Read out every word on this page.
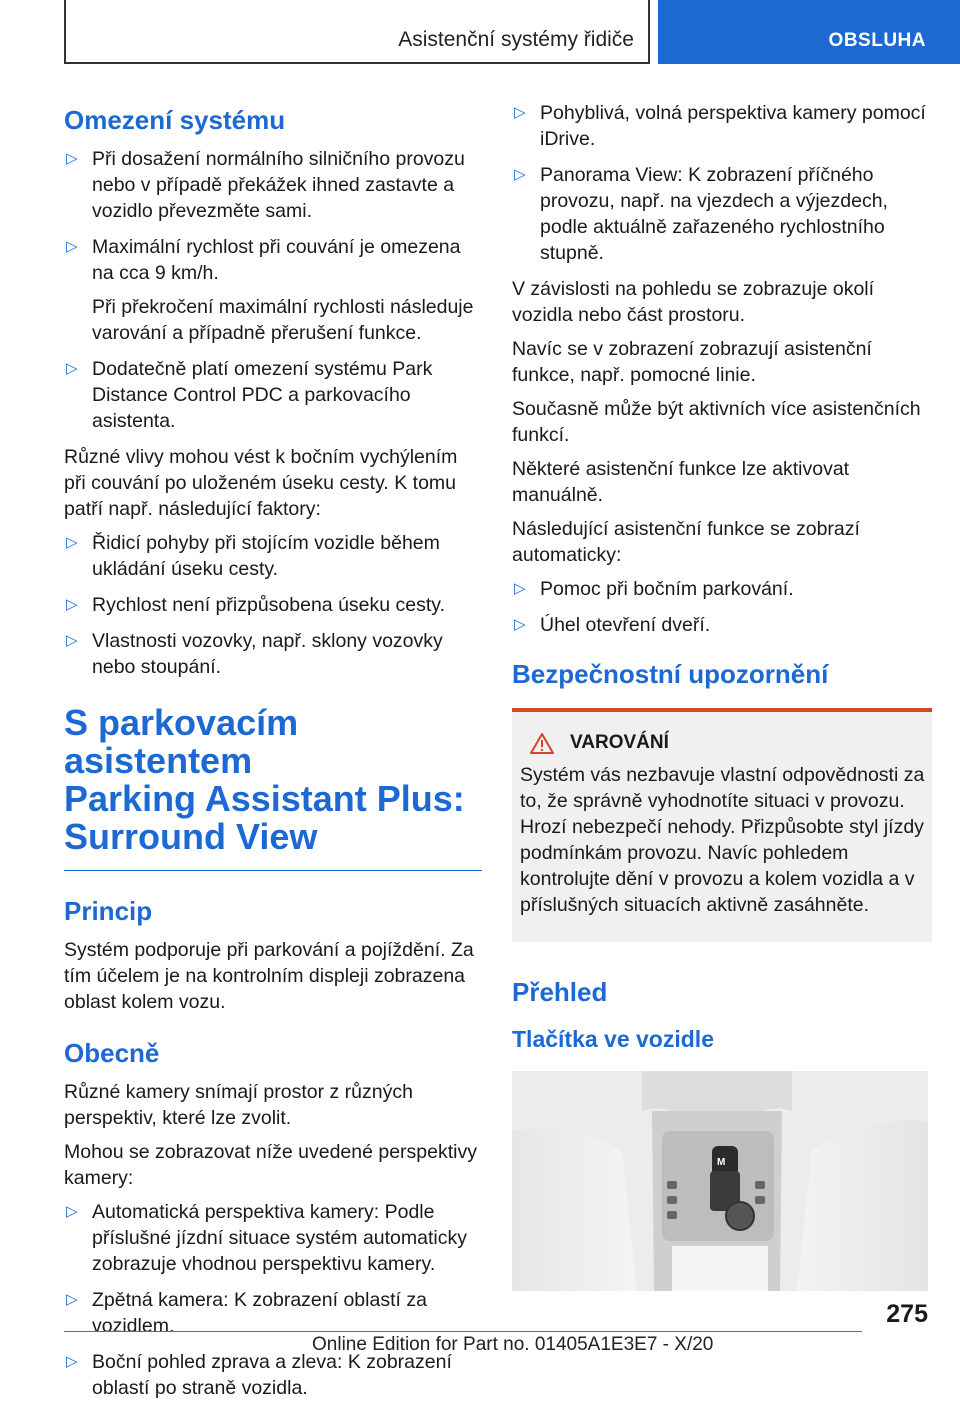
Asistenční systémy řidiče	OBSLUHA
Omezení systému
▷ Při dosažení normálního silničního provozu nebo v případě překážek ihned zastavte a vozidlo převezměte sami.
▷ Maximální rychlost při couvání je omezena na cca 9 km/h.
Při překročení maximální rychlosti následuje varování a případně přerušení funkce.
▷ Dodatečně platí omezení systému Park Distance Control PDC a parkovacího asistenta.

Různé vlivy mohou vést k bočním vychýlením při couvání po uloženém úseku cesty. K tomu patří např. následující faktory:

▷ Řidicí pohyby při stojícím vozidle během ukládání úseku cesty.
▷ Rychlost není přizpůsobena úseku cesty.
▷ Vlastnosti vozovky, např. sklony vozovky nebo stoupání.
S parkovacím asistentem
Parking Assistant Plus:
Surround View
Princip

Systém podporuje při parkování a pojíždění. Za tím účelem je na kontrolním displeji zobrazena oblast kolem vozu.

Obecně

Různé kamery snímají prostor z různých perspektiv, které lze zvolit.

Mohou se zobrazovat níže uvedené perspektivy kamery:

▷ Automatická perspektiva kamery: Podle příslušné jízdní situace systém automaticky zobrazuje vhodnou perspektivu kamery.
▷ Zpětná kamera: K zobrazení oblastí za vozidlem.
▷ Boční pohled zprava a zleva: K zobrazení oblastí po straně vozidla.
▷ Pohyblivá, volná perspektiva kamery pomocí iDrive.
▷ Panorama View: K zobrazení příčného provozu, např. na vjezdech a výjezdech, podle aktuálně zařazeného rychlostního stupně.

V závislosti na pohledu se zobrazuje okolí vozidla nebo část prostoru.

Navíc se v zobrazení zobrazují asistenční funkce, např. pomocné linie.

Současně může být aktivních více asistenčních funkcí.

Některé asistenční funkce lze aktivovat manuálně.

Následující asistenční funkce se zobrazí automaticky:

▷ Pomoc při bočním parkování.
▷ Úhel otevření dveří.
Bezpečnostní upozornění
VAROVÁNÍ
Systém vás nezbavuje vlastní odpovědnosti za to, že správně vyhodnotíte situaci v provozu. Hrozí nebezpečí nehody. Přizpůsobte styl jízdy podmínkám provozu. Navíc pohledem kontrolujte dění v provozu a kolem vozidla a v příslušných situacích aktivně zasáhněte.
Přehled
Tlačítka ve vozidle
M
275
Online Edition for Part no. 01405A1E3E7 - X/20
